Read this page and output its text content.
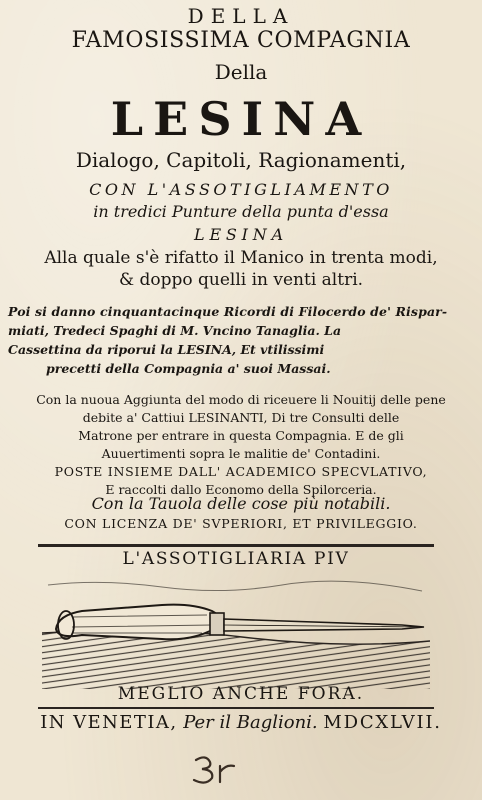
DELLA
FAMOSISSIMA COMPAGNIA
Della
LESINA
Dialogo, Capitoli, Ragionamenti,
CON L'ASSOTIGLIAMENTO
in tredici Punture della punta d'essa
LESINA
Alla quale s'è rifatto il Manico in trenta modi,
& doppo quelli in venti altri.
Poi si danno cinquantacinque Ricordi di Filocerdo de' Rispar-
miati, Tredeci Spaghi di M. Vncino Tanaglia. La
Cassettina da riporui la LESINA, Et vtilissimi
precetti della Compagnia a' suoi Massai.
Con la nuoua Aggiunta del modo di riceuere li Nouitij delle pene
debite a' Cattiui LESINANTI, Di tre Consulti delle
Matrone per entrare in questa Compagnia. E de gli
Auuertimenti sopra le malitie de' Contadini.
POSTE INSIEME DALL' ACADEMICO SPECVLATIVO,
E raccolti dallo Economo della Spilorceria.
Con la Tauola delle cose più notabili.
CON LICENZA DE' SVPERIORI, ET PRIVILEGGIO.
L'ASSOTIGLIARIA PIV
MEGLIO ANCHE FORA.
IN VENETIA, Per il Baglioni. MDCXLVII.
